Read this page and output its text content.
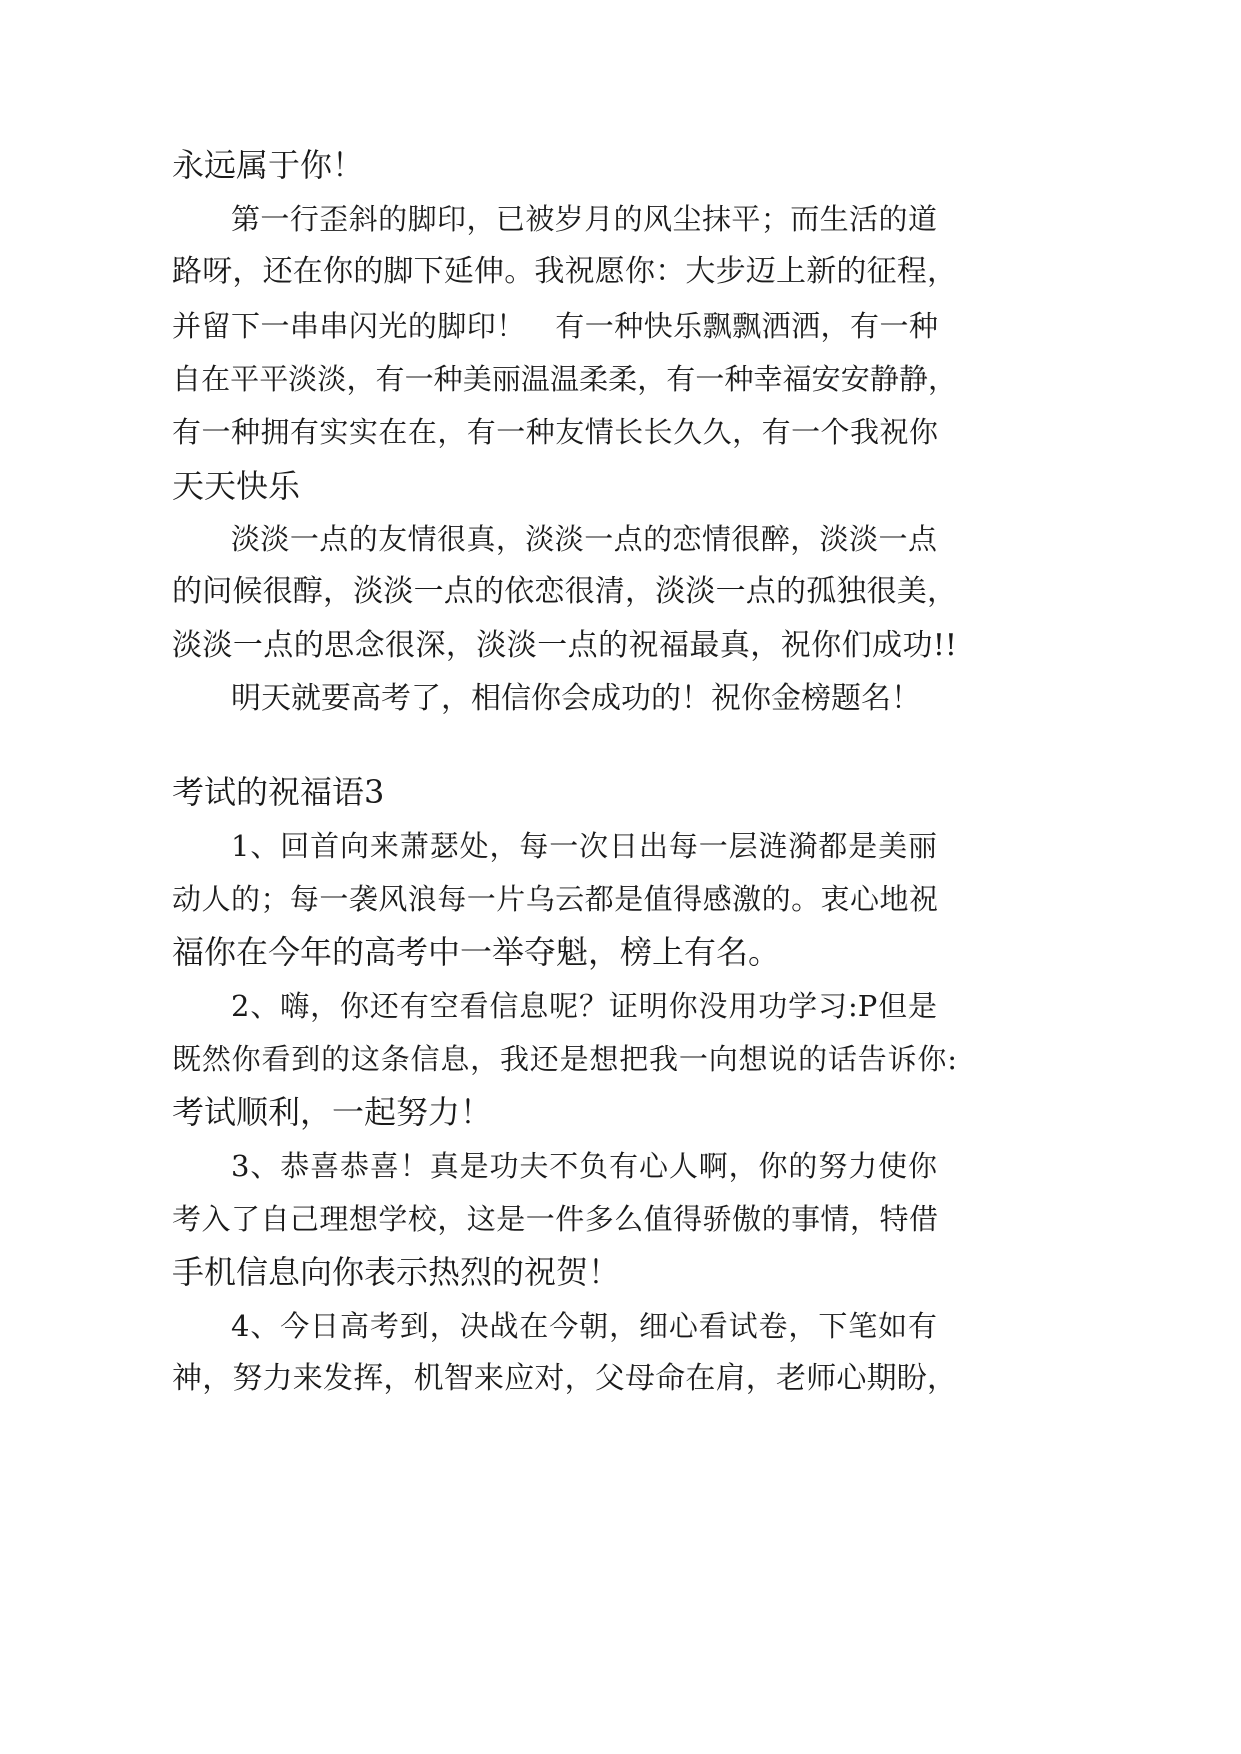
永远属于你！
第一行歪斜的脚印，已被岁月的风尘抹平；而生活的道
路呀，还在你的脚下延伸。我祝愿你：大步迈上新的征程，
并留下一串串闪光的脚印！　有一种快乐飘飘洒洒，有一种
自在平平淡淡，有一种美丽温温柔柔，有一种幸福安安静静，
有一种拥有实实在在，有一种友情长长久久，有一个我祝你
天天快乐
淡淡一点的友情很真，淡淡一点的恋情很醉，淡淡一点
的问候很醇，淡淡一点的依恋很清，淡淡一点的孤独很美，
淡淡一点的思念很深，淡淡一点的祝福最真，祝你们成功!!
明天就要高考了，相信你会成功的！祝你金榜题名！
考试的祝福语3
1、回首向来萧瑟处，每一次日出每一层涟漪都是美丽
动人的；每一袭风浪每一片乌云都是值得感激的。衷心地祝
福你在今年的高考中一举夺魁，榜上有名。
2、嗨，你还有空看信息呢？证明你没用功学习:P但是
既然你看到的这条信息，我还是想把我一向想说的话告诉你:
考试顺利，一起努力！
3、恭喜恭喜！真是功夫不负有心人啊，你的努力使你
考入了自己理想学校，这是一件多么值得骄傲的事情，特借
手机信息向你表示热烈的祝贺！
4、今日高考到，决战在今朝，细心看试卷，下笔如有
神，努力来发挥，机智来应对，父母命在肩，老师心期盼，
